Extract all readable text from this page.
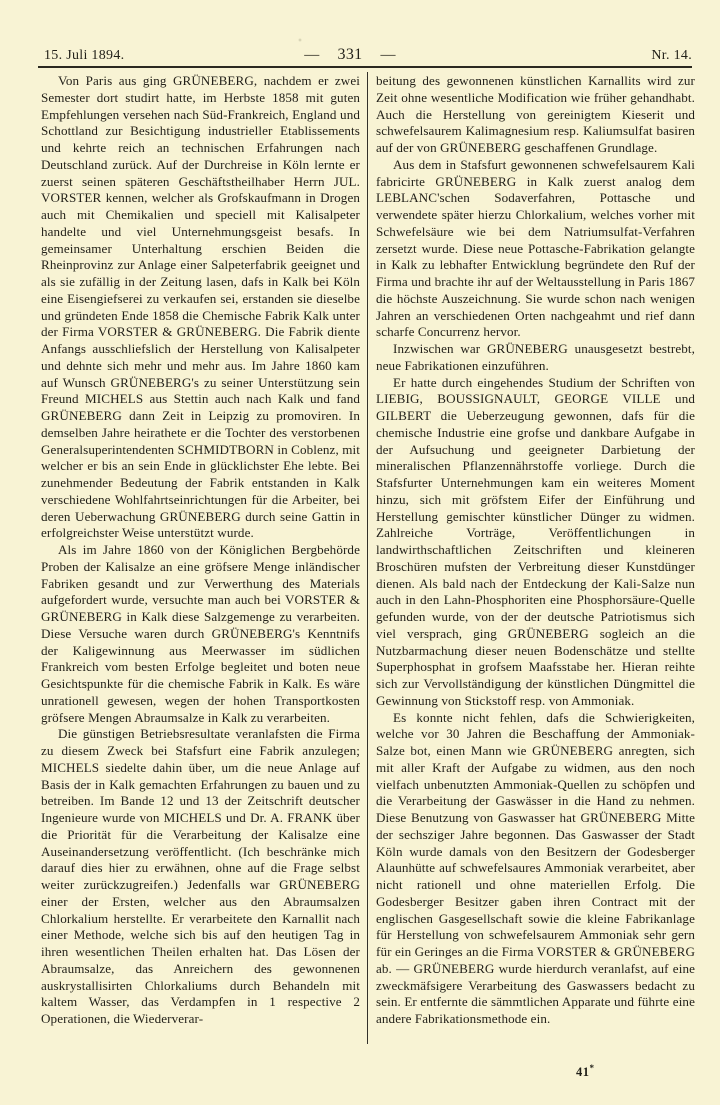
15. Juli 1894.	— 331 —	Nr. 14.

Von Paris aus ging GRÜNEBERG, nachdem er zwei Semester dort studirt hatte, im Herbste 1858 mit guten Empfehlungen versehen nach Süd-Frankreich, England und Schottland zur Besichtigung industrieller Etablissements und kehrte reich an technischen Erfahrungen nach Deutschland zurück. Auf der Durchreise in Köln lernte er zuerst seinen späteren Geschäftstheilhaber Herrn JUL. VORSTER kennen, welcher als Grofskaufmann in Drogen auch mit Chemikalien und speciell mit Kalisalpeter handelte und viel Unternehmungsgeist besafs. In gemeinsamer Unterhaltung erschien Beiden die Rheinprovinz zur Anlage einer Salpeterfabrik geeignet und als sie zufällig in der Zeitung lasen, dafs in Kalk bei Köln eine Eisengiefserei zu verkaufen sei, erstanden sie dieselbe und gründeten Ende 1858 die Chemische Fabrik Kalk unter der Firma VORSTER & GRÜNEBERG. Die Fabrik diente Anfangs ausschliefslich der Herstellung von Kalisalpeter und dehnte sich mehr und mehr aus. Im Jahre 1860 kam auf Wunsch GRÜNEBERG's zu seiner Unterstützung sein Freund MICHELS aus Stettin auch nach Kalk und fand GRÜNEBERG dann Zeit in Leipzig zu promoviren. In demselben Jahre heirathete er die Tochter des verstorbenen Generalsuperintendenten SCHMIDTBORN in Coblenz, mit welcher er bis an sein Ende in glücklichster Ehe lebte. Bei zunehmender Bedeutung der Fabrik entstanden in Kalk verschiedene Wohlfahrtseinrichtungen für die Arbeiter, bei deren Ueberwachung GRÜNEBERG durch seine Gattin in erfolgreichster Weise unterstützt wurde.

Als im Jahre 1860 von der Königlichen Bergbehörde Proben der Kalisalze an eine gröfsere Menge inländischer Fabriken gesandt und zur Verwerthung des Materials aufgefordert wurde, versuchte man auch bei VORSTER & GRÜNEBERG in Kalk diese Salzgemenge zu verarbeiten. Diese Versuche waren durch GRÜNEBERG's Kenntnifs der Kaligewinnung aus Meerwasser im südlichen Frankreich vom besten Erfolge begleitet und boten neue Gesichtspunkte für die chemische Fabrik in Kalk. Es wäre unrationell gewesen, wegen der hohen Transportkosten gröfsere Mengen Abraumsalze in Kalk zu verarbeiten.

Die günstigen Betriebsresultate veranlafsten die Firma zu diesem Zweck bei Stafsfurt eine Fabrik anzulegen; MICHELS siedelte dahin über, um die neue Anlage auf Basis der in Kalk gemachten Erfahrungen zu bauen und zu betreiben. Im Bande 12 und 13 der Zeitschrift deutscher Ingenieure wurde von MICHELS und Dr. A. FRANK über die Priorität für die Verarbeitung der Kalisalze eine Auseinandersetzung veröffentlicht. (Ich beschränke mich darauf dies hier zu erwähnen, ohne auf die Frage selbst weiter zurückzugreifen.) Jedenfalls war GRÜNEBERG einer der Ersten, welcher aus den Abraumsalzen Chlorkalium herstellte. Er verarbeitete den Karnallit nach einer Methode, welche sich bis auf den heutigen Tag in ihren wesentlichen Theilen erhalten hat. Das Lösen der Abraumsalze, das Anreichern des gewonnenen auskrystallisirten Chlorkaliums durch Behandeln mit kaltem Wasser, das Verdampfen in 1 respective 2 Operationen, die Wiederverar-

beitung des gewonnenen künstlichen Karnallits wird zur Zeit ohne wesentliche Modification wie früher gehandhabt. Auch die Herstellung von gereinigtem Kieserit und schwefelsaurem Kalimagnesium resp. Kaliumsulfat basiren auf der von GRÜNEBERG geschaffenen Grundlage.

Aus dem in Stafsfurt gewonnenen schwefelsaurem Kali fabricirte GRÜNEBERG in Kalk zuerst analog dem LEBLANC'schen Sodaverfahren, Pottasche und verwendete später hierzu Chlorkalium, welches vorher mit Schwefelsäure wie bei dem Natriumsulfat-Verfahren zersetzt wurde. Diese neue Pottasche-Fabrikation gelangte in Kalk zu lebhafter Entwicklung begründete den Ruf der Firma und brachte ihr auf der Weltausstellung in Paris 1867 die höchste Auszeichnung. Sie wurde schon nach wenigen Jahren an verschiedenen Orten nachgeahmt und rief dann scharfe Concurrenz hervor.

Inzwischen war GRÜNEBERG unausgesetzt bestrebt, neue Fabrikationen einzuführen.

Er hatte durch eingehendes Studium der Schriften von LIEBIG, BOUSSIGNAULT, GEORGE VILLE und GILBERT die Ueberzeugung gewonnen, dafs für die chemische Industrie eine grofse und dankbare Aufgabe in der Aufsuchung und geeigneter Darbietung der mineralischen Pflanzennährstoffe vorliege. Durch die Stafsfurter Unternehmungen kam ein weiteres Moment hinzu, sich mit gröfstem Eifer der Einführung und Herstellung gemischter künstlicher Dünger zu widmen. Zahlreiche Vorträge, Veröffentlichungen in landwirthschaftlichen Zeitschriften und kleineren Broschüren mufsten der Verbreitung dieser Kunstdünger dienen. Als bald nach der Entdeckung der Kali-Salze nun auch in den Lahn-Phosphoriten eine Phosphorsäure-Quelle gefunden wurde, von der der deutsche Patriotismus sich viel versprach, ging GRÜNEBERG sogleich an die Nutzbarmachung dieser neuen Bodenschätze und stellte Superphosphat in grofsem Maafsstabe her. Hieran reihte sich zur Vervollständigung der künstlichen Düngmittel die Gewinnung von Stickstoff resp. von Ammoniak.

Es konnte nicht fehlen, dafs die Schwierigkeiten, welche vor 30 Jahren die Beschaffung der Ammoniak-Salze bot, einen Mann wie GRÜNEBERG anregten, sich mit aller Kraft der Aufgabe zu widmen, aus den noch vielfach unbenutzten Ammoniak-Quellen zu schöpfen und die Verarbeitung der Gaswässer in die Hand zu nehmen. Diese Benutzung von Gaswasser hat GRÜNEBERG Mitte der sechsziger Jahre begonnen. Das Gaswasser der Stadt Köln wurde damals von den Besitzern der Godesberger Alaunhütte auf schwefelsaures Ammoniak verarbeitet, aber nicht rationell und ohne materiellen Erfolg. Die Godesberger Besitzer gaben ihren Contract mit der englischen Gasgesellschaft sowie die kleine Fabrikanlage für Herstellung von schwefelsaurem Ammoniak sehr gern für ein Geringes an die Firma VORSTER & GRÜNEBERG ab. — GRÜNEBERG wurde hierdurch veranlafst, auf eine zweckmäfsigere Verarbeitung des Gaswassers bedacht zu sein. Er entfernte die sämmtlichen Apparate und führte eine andere Fabrikationsmethode ein.

41*
